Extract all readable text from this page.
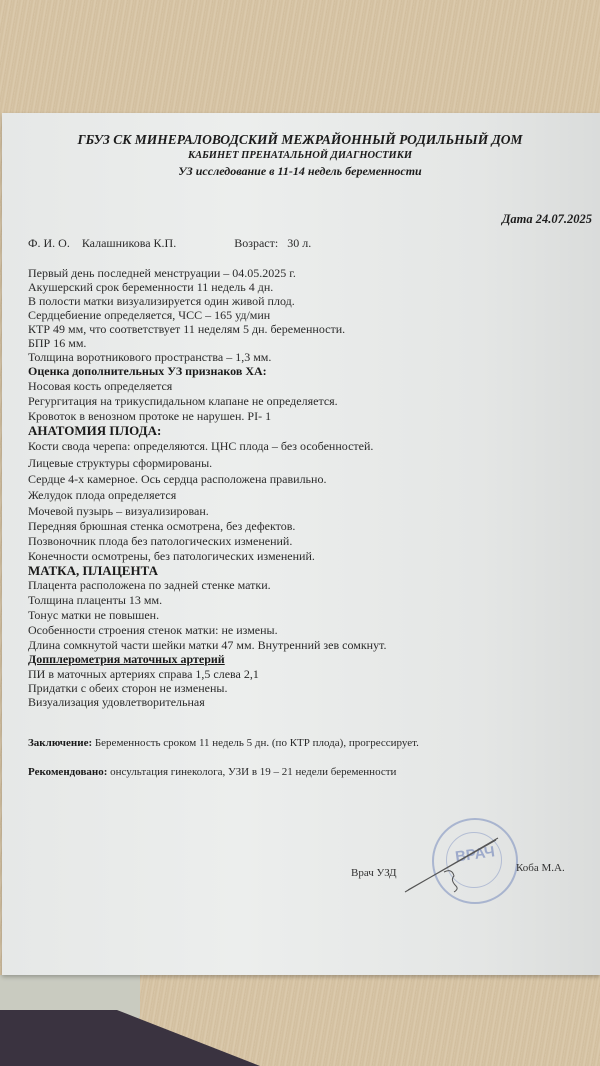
ГБУЗ СК МИНЕРАЛОВОДСКИЙ МЕЖРАЙОННЫЙ РОДИЛЬНЫЙ ДОМ
КАБИНЕТ ПРЕНАТАЛЬНОЙ ДИАГНОСТИКИ
УЗ исследование в 11-14 недель беременности
Дата 24.07.2025
Ф. И. О. Калашникова К.П.	Возраст: 30 л.
Первый день последней менструации – 04.05.2025 г.
Акушерский срок беременности 11 недель 4 дн.
В полости матки визуализируется один живой плод.
Сердцебиение определяется, ЧСС – 165 уд/мин
КТР 49 мм, что соответствует 11 неделям 5 дн. беременности.
БПР 16 мм.
Толщина воротникового пространства – 1,3 мм.
Оценка дополнительных УЗ признаков ХА:
Носовая кость определяется
Регургитация на трикуспидальном клапане не определяется.
Кровоток в венозном протоке не нарушен. PI- 1
АНАТОМИЯ ПЛОДА:
Кости свода черепа: определяются. ЦНС плода – без особенностей.
Лицевые структуры сформированы.
Сердце 4-х камерное. Ось сердца расположена правильно.
Желудок плода определяется
Мочевой пузырь – визуализирован.
Передняя брюшная стенка осмотрена, без дефектов.
Позвоночник плода без патологических изменений.
Конечности осмотрены, без патологических изменений.
МАТКА, ПЛАЦЕНТА
Плацента расположена по задней стенке матки.
Толщина плаценты 13 мм.
Тонус матки не повышен.
Особенности строения стенок матки: не измены.
Длина сомкнутой части шейки матки 47 мм. Внутренний зев сомкнут.
Допплерометрия маточных артерий
ПИ в маточных артериях справа 1,5 слева 2,1
Придатки с обеих сторон не изменены.
Визуализация удовлетворительная
Заключение: Беременность сроком 11 недель 5 дн. (по КТР плода), прогрессирует.
Рекомендовано: онсультация гинеколога, УЗИ в 19 – 21 недели беременности
ВРАЧ
Врач УЗД	Коба М.А.
